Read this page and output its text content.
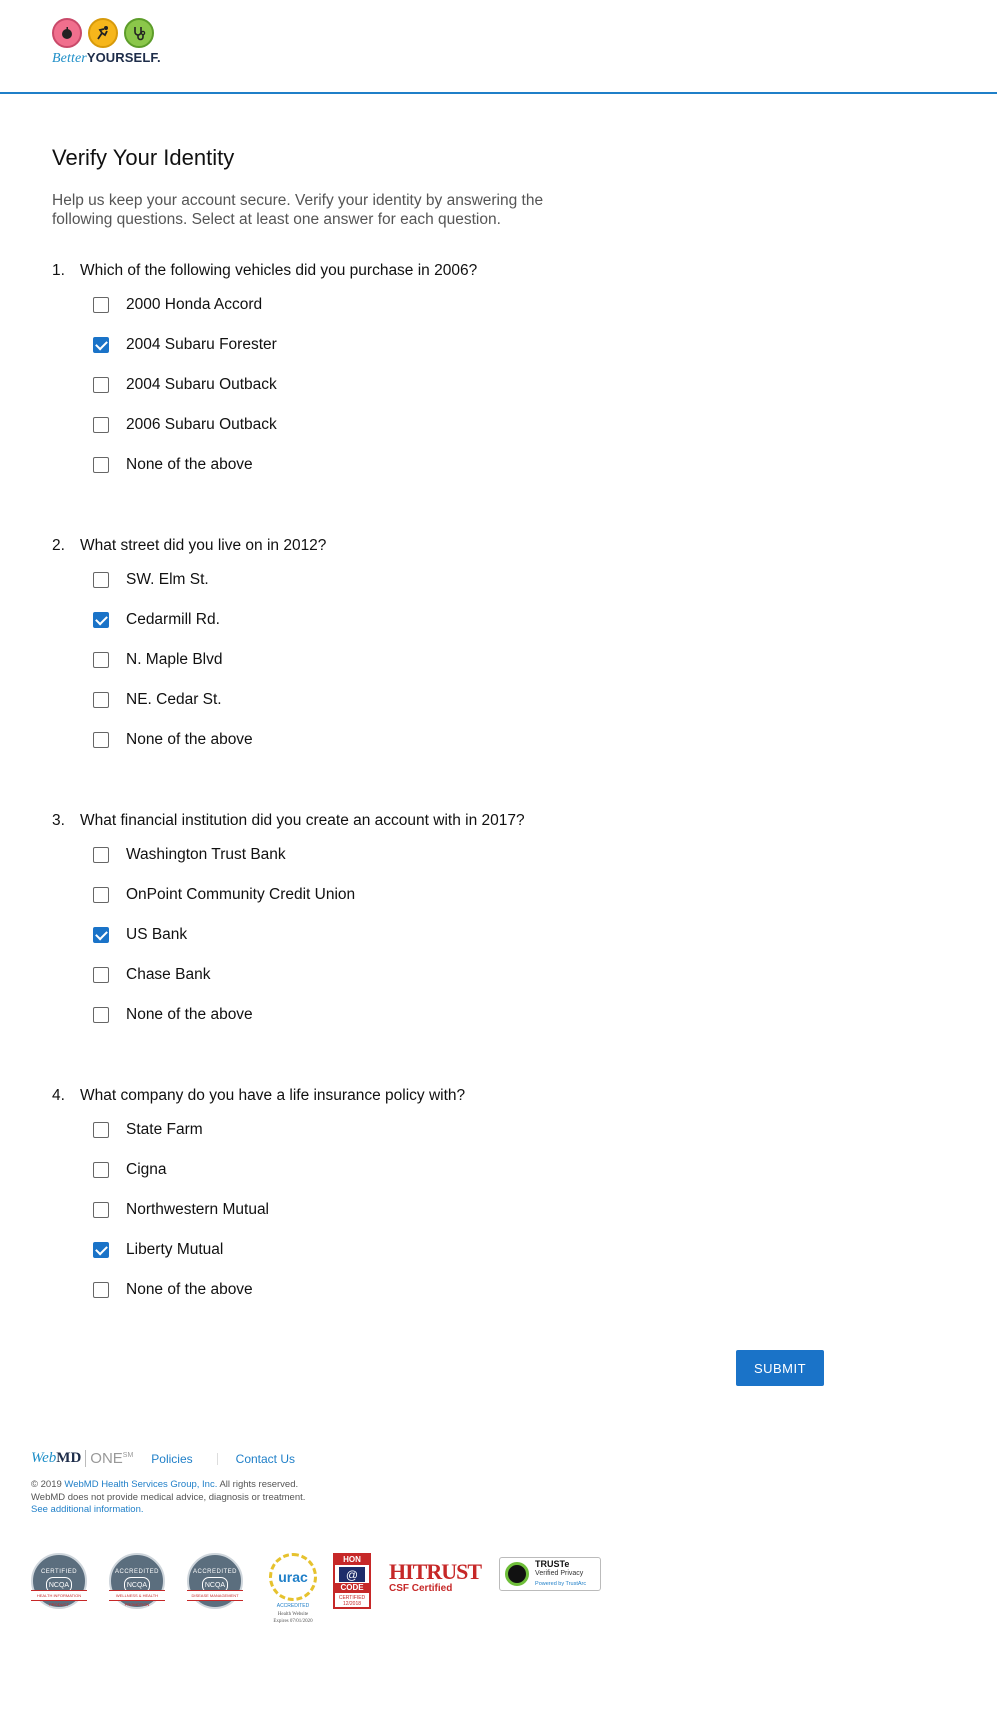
BetterYOURSELF.
Verify Your Identity

Help us keep your account secure. Verify your identity by answering the following questions. Select at least one answer for each question.

1. Which of the following vehicles did you purchase in 2006?
2000 Honda Accord
2004 Subaru Forester
2004 Subaru Outback
2006 Subaru Outback
None of the above
2. What street did you live on in 2012?
SW. Elm St.
Cedarmill Rd.
N. Maple Blvd
NE. Cedar St.
None of the above
3. What financial institution did you create an account with in 2017?
Washington Trust Bank
OnPoint Community Credit Union
US Bank
Chase Bank
None of the above
4. What company do you have a life insurance policy with?
State Farm
Cigna
Northwestern Mutual
Liberty Mutual
None of the above
SUBMIT
WebMD ONE℠ Policies	Contact Us
© 2019 WebMD Health Services Group, Inc. All rights reserved.
WebMD does not provide medical advice, diagnosis or treatment.
See additional information.
CERTIFIED
NCQA
HEALTH INFORMATION PRODUCT
ACCREDITED
NCQA
WELLNESS & HEALTH PROMOTION
ACCREDITED
NCQA
DISEASE MANAGEMENT
urac
ACCREDITED
Health Website
Expires 07/01/2020
HON
@
CODE
CERTIFIED
12/2018
HITRUST
CSF Certified
TRUSTe
Verified Privacy
Powered by TrustArc
